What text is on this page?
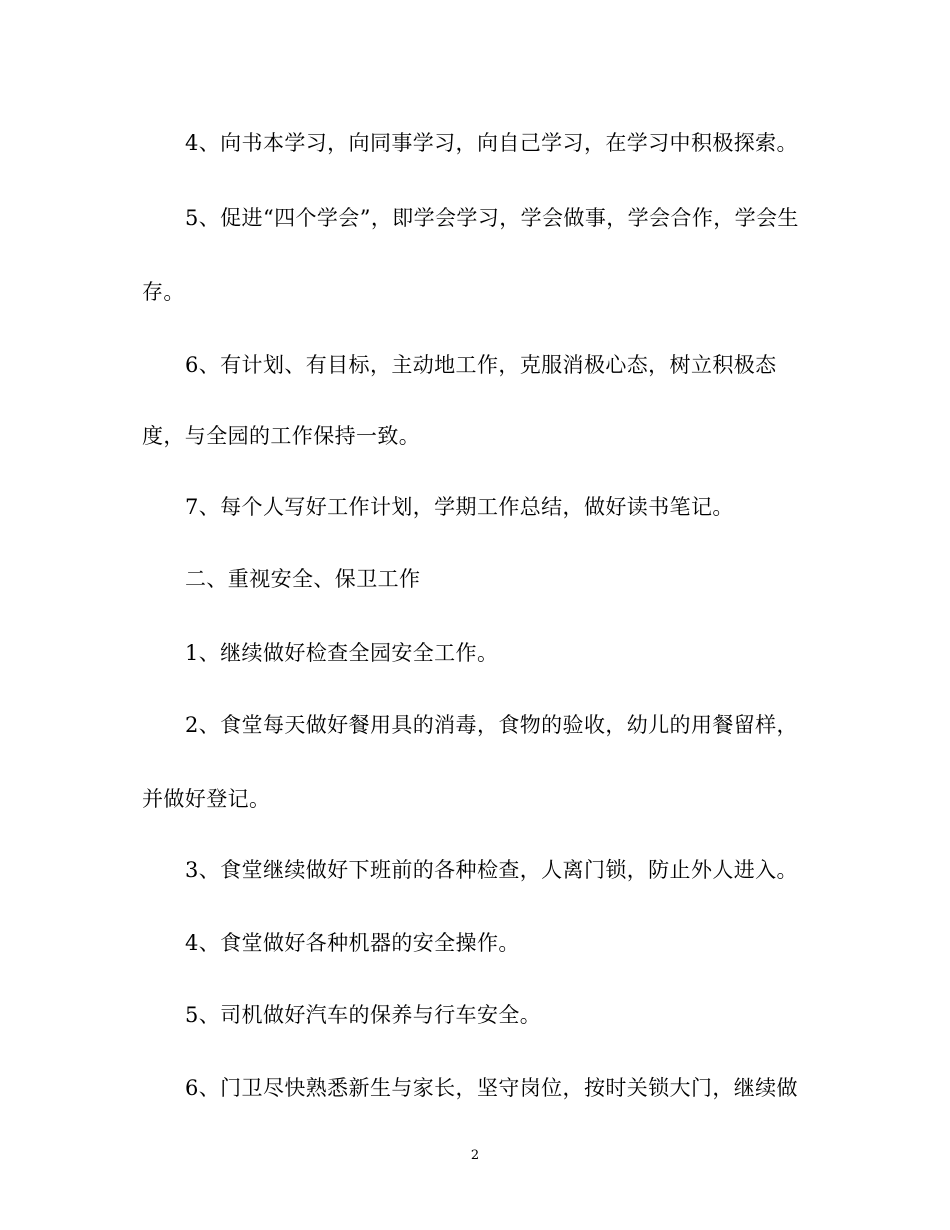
4、向书本学习，向同事学习，向自己学习，在学习中积极探索。
5、促进“四个学会”，即学会学习，学会做事，学会合作，学会生
存。
6、有计划、有目标，主动地工作，克服消极心态，树立积极态
度，与全园的工作保持一致。
7、每个人写好工作计划，学期工作总结，做好读书笔记。
二、重视安全、保卫工作
1、继续做好检查全园安全工作。
2、食堂每天做好餐用具的消毒，食物的验收，幼儿的用餐留样，
并做好登记。
3、食堂继续做好下班前的各种检查，人离门锁，防止外人进入。
4、食堂做好各种机器的安全操作。
5、司机做好汽车的保养与行车安全。
6、门卫尽快熟悉新生与家长，坚守岗位，按时关锁大门，继续做
2
